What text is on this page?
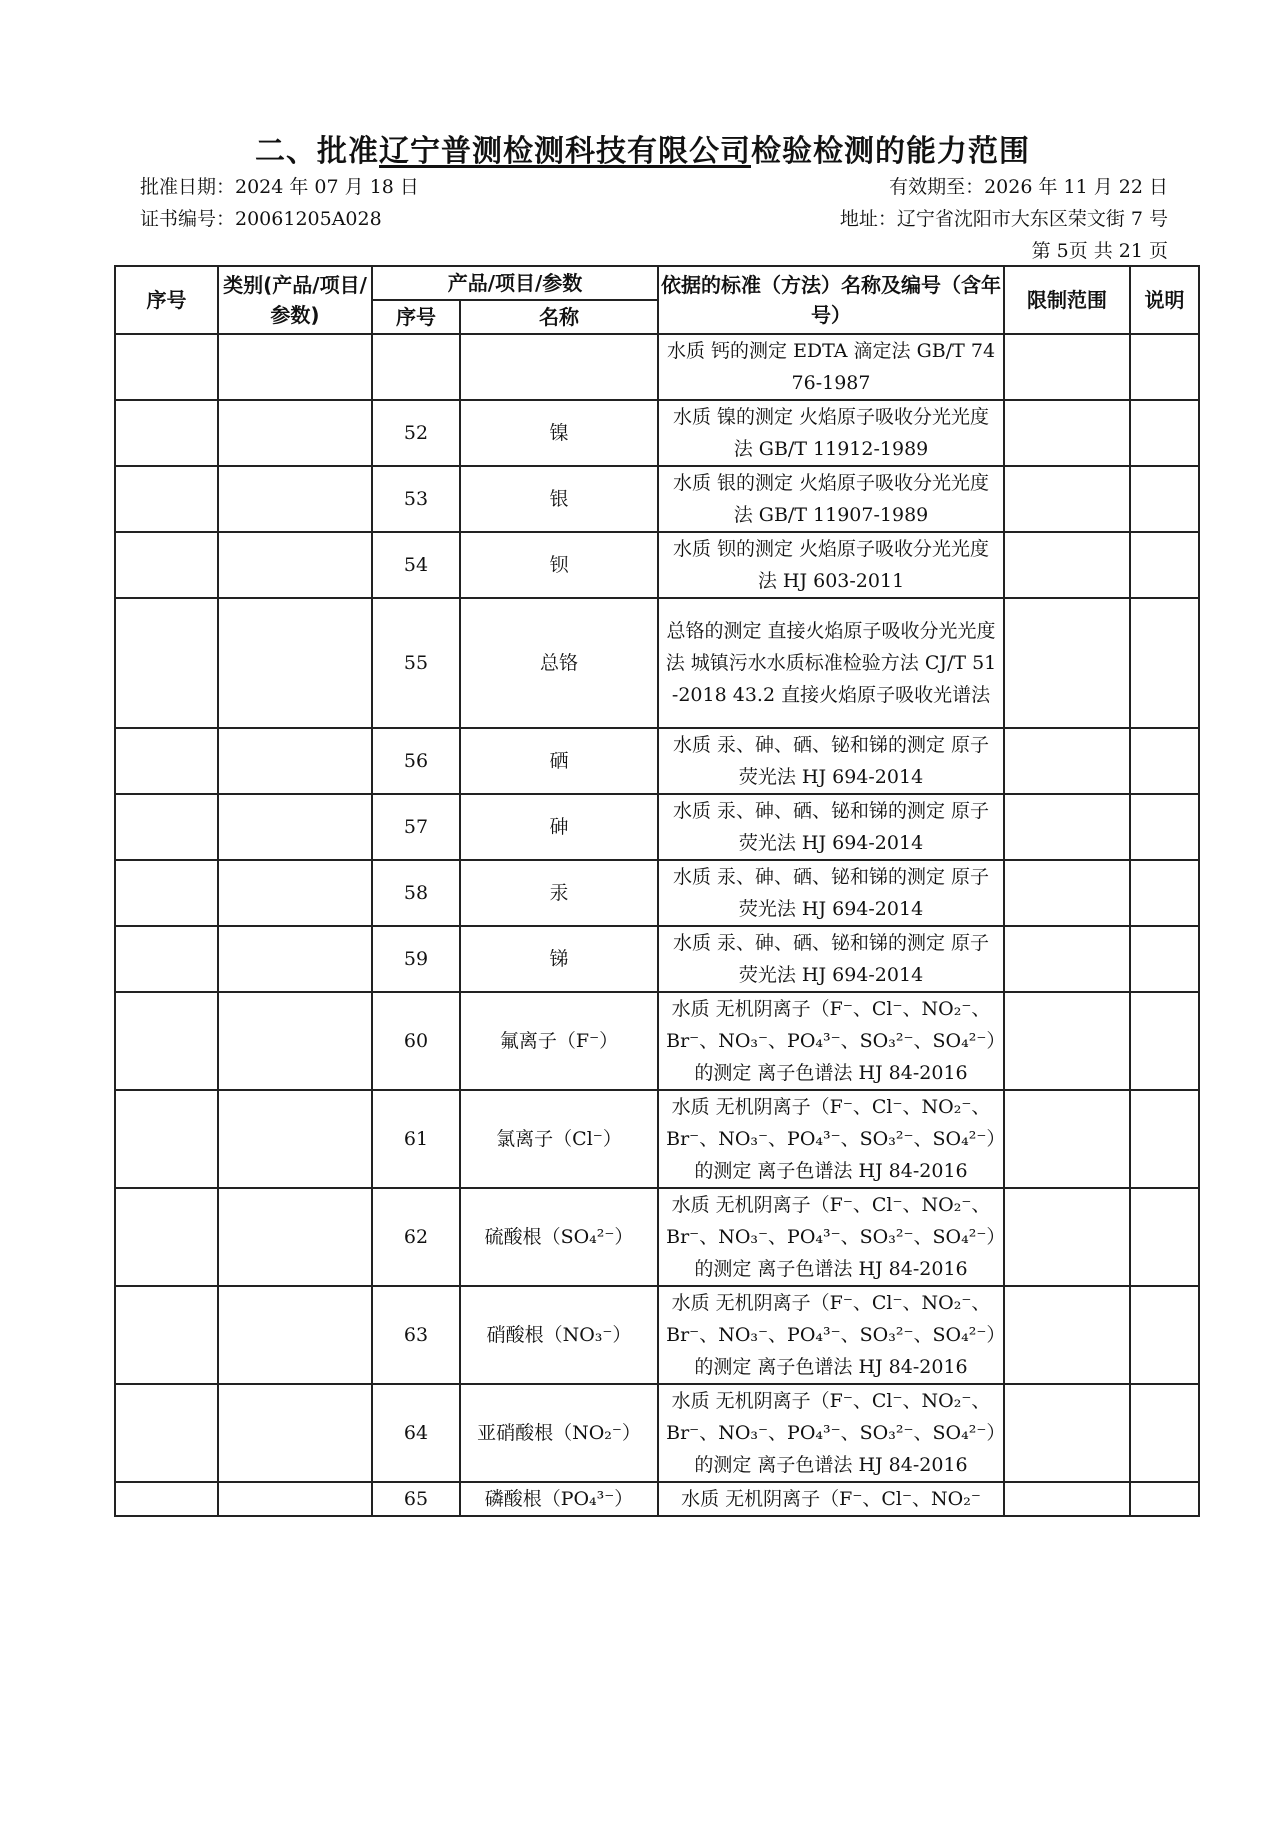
二、批准辽宁普测检测科技有限公司检验检测的能力范围
批准日期：2024 年 07 月 18 日	有效期至：2026 年 11 月 22 日
证书编号：20061205A028	地址：辽宁省沈阳市大东区荣文街 7 号
第 5页 共 21 页
序号	类别(产品/项目/参数)	产品/项目/参数		依据的标准（方法）名称及编号（含年号）	限制范围	说明
		序号	名称			
				水质 钙的测定 EDTA 滴定法 GB/T 7476-1987		
		52	镍	水质 镍的测定 火焰原子吸收分光光度法 GB/T 11912-1989		
		53	银	水质 银的测定 火焰原子吸收分光光度法 GB/T 11907-1989		
		54	钡	水质 钡的测定 火焰原子吸收分光光度法 HJ 603-2011		
		55	总铬	总铬的测定 直接火焰原子吸收分光光度法 城镇污水水质标准检验方法 CJ/T 51-2018 43.2 直接火焰原子吸收光谱法		
		56	硒	水质 汞、砷、硒、铋和锑的测定 原子荧光法 HJ 694-2014		
		57	砷	水质 汞、砷、硒、铋和锑的测定 原子荧光法 HJ 694-2014		
		58	汞	水质 汞、砷、硒、铋和锑的测定 原子荧光法 HJ 694-2014		
		59	锑	水质 汞、砷、硒、铋和锑的测定 原子荧光法 HJ 694-2014		
		60	氟离子（F⁻）	水质 无机阴离子（F⁻、Cl⁻、NO₂⁻、Br⁻、NO₃⁻、PO₄³⁻、SO₃²⁻、SO₄²⁻）的测定 离子色谱法 HJ 84-2016		
		61	氯离子（Cl⁻）	水质 无机阴离子（F⁻、Cl⁻、NO₂⁻、Br⁻、NO₃⁻、PO₄³⁻、SO₃²⁻、SO₄²⁻）的测定 离子色谱法 HJ 84-2016		
		62	硫酸根（SO₄²⁻）	水质 无机阴离子（F⁻、Cl⁻、NO₂⁻、Br⁻、NO₃⁻、PO₄³⁻、SO₃²⁻、SO₄²⁻）的测定 离子色谱法 HJ 84-2016		
		63	硝酸根（NO₃⁻）	水质 无机阴离子（F⁻、Cl⁻、NO₂⁻、Br⁻、NO₃⁻、PO₄³⁻、SO₃²⁻、SO₄²⁻）的测定 离子色谱法 HJ 84-2016		
		64	亚硝酸根（NO₂⁻）	水质 无机阴离子（F⁻、Cl⁻、NO₂⁻、Br⁻、NO₃⁻、PO₄³⁻、SO₃²⁻、SO₄²⁻）的测定 离子色谱法 HJ 84-2016		
		65	磷酸根（PO₄³⁻）	水质 无机阴离子（F⁻、Cl⁻、NO₂⁻		
